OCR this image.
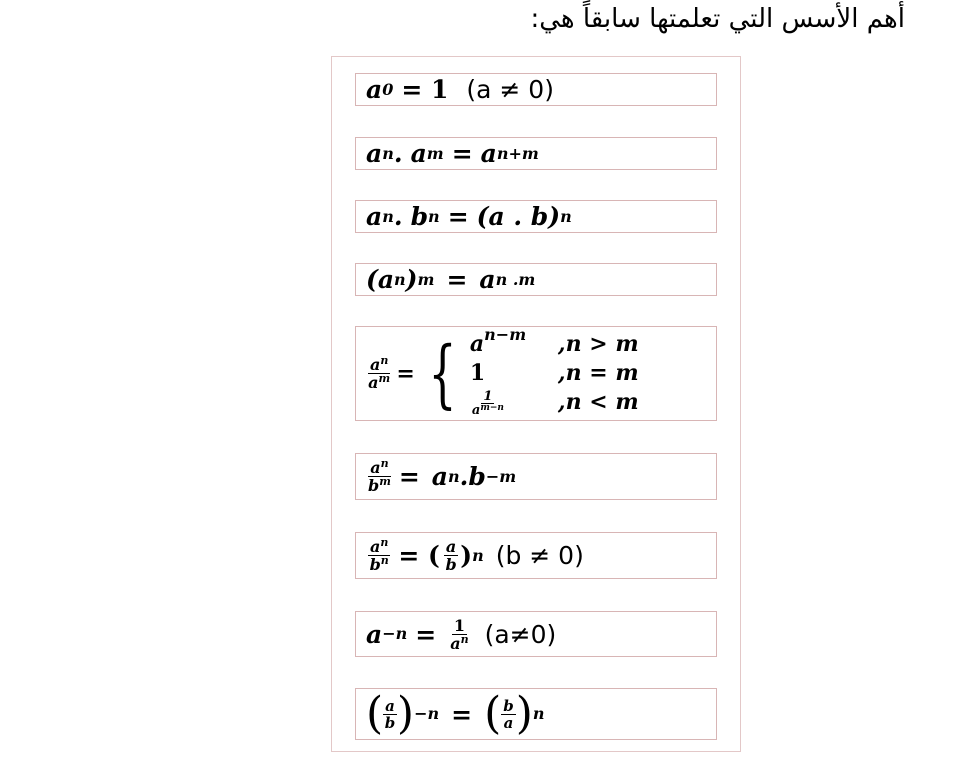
أهم الأسس التي تعلمتها سابقاً هي:
a 0 = 1 (a ≠ 0)
a n . a m = a n+m
a n . b n = (a . b) n
(a n ) m = a n .m
$\frac{a^n}{a^m}$ = { $a^{n-m}$	,n > m
1	,n = m
$\frac{1}{a^{m-n}} ,n < m$
$\frac{a^n}{b^m} = a$ n . b −m
$\frac{a^n}{b^n}$ = ( $\frac{a}{b}$ ) n (b ≠ 0)
$a -n = \frac{1}{a^n} (a\ne 0)$
( $\frac{a}{b}$ ) −n = ( $\frac{b}{a}$ ) n
